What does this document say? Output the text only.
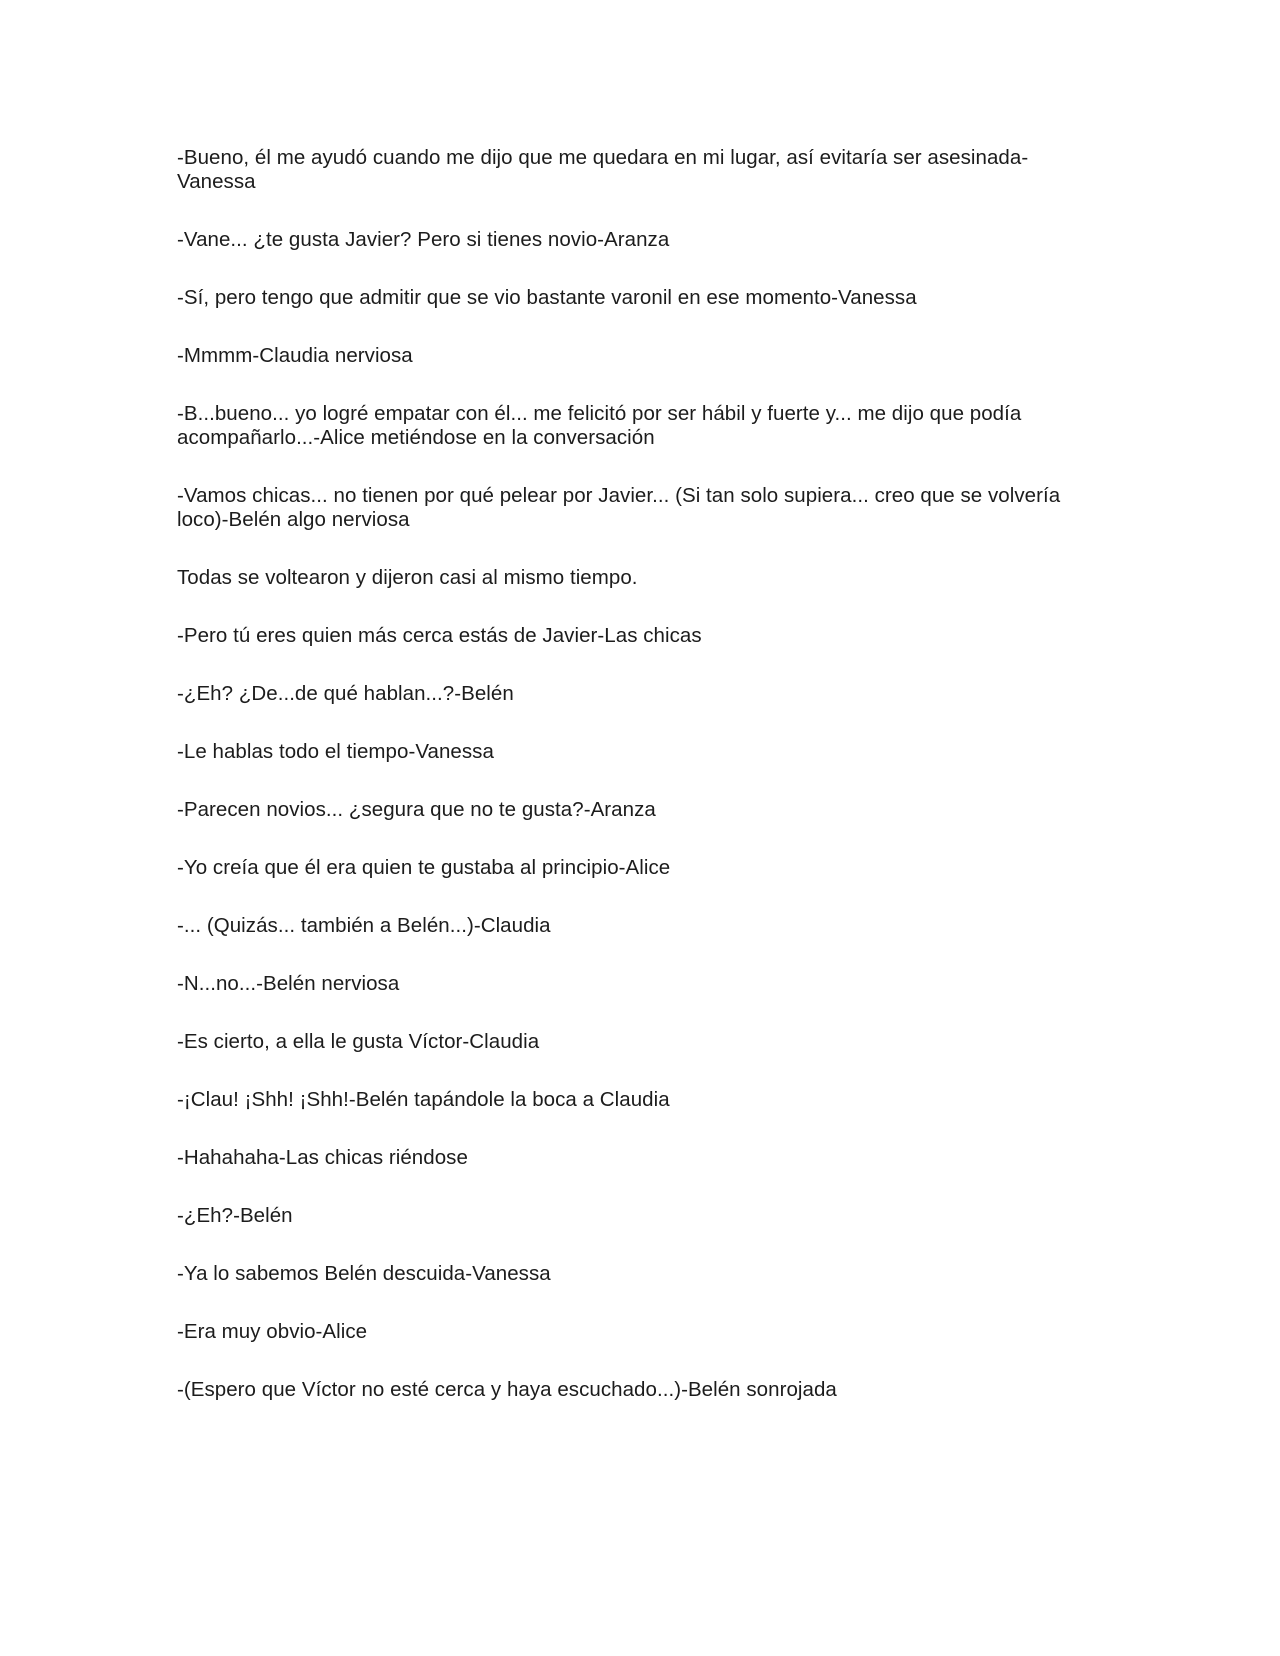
-Bueno, él me ayudó cuando me dijo que me quedara en mi lugar, así evitaría ser asesinada-Vanessa

-Vane... ¿te gusta Javier? Pero si tienes novio-Aranza

-Sí, pero tengo que admitir que se vio bastante varonil en ese momento-Vanessa

-Mmmm-Claudia nerviosa

-B...bueno... yo logré empatar con él... me felicitó por ser hábil y fuerte y... me dijo que podía acompañarlo...-Alice metiéndose en la conversación

-Vamos chicas... no tienen por qué pelear por Javier... (Si tan solo supiera... creo que se volvería loco)-Belén algo nerviosa

Todas se voltearon y dijeron casi al mismo tiempo.

-Pero tú eres quien más cerca estás de Javier-Las chicas

-¿Eh? ¿De...de qué hablan...?-Belén

-Le hablas todo el tiempo-Vanessa

-Parecen novios... ¿segura que no te gusta?-Aranza

-Yo creía que él era quien te gustaba al principio-Alice

-... (Quizás... también a Belén...)-Claudia

-N...no...-Belén nerviosa

-Es cierto, a ella le gusta Víctor-Claudia

-¡Clau! ¡Shh! ¡Shh!-Belén tapándole la boca a Claudia

-Hahahaha-Las chicas riéndose

-¿Eh?-Belén

-Ya lo sabemos Belén descuida-Vanessa

-Era muy obvio-Alice

-(Espero que Víctor no esté cerca y haya escuchado...)-Belén sonrojada
